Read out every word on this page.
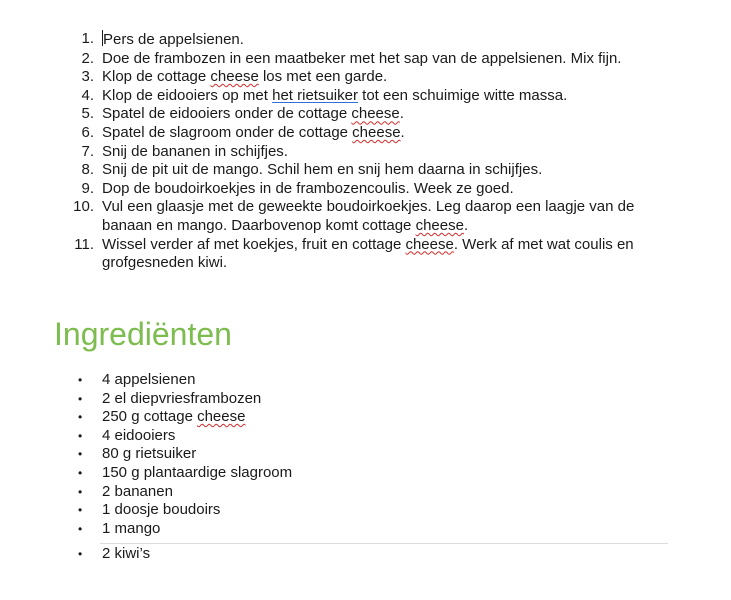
1. Pers de appelsienen.
2. Doe de frambozen in een maatbeker met het sap van de appelsienen. Mix fijn.
3. Klop de cottage cheese los met een garde.
4. Klop de eidooiers op met het rietsuiker tot een schuimige witte massa.
5. Spatel de eidooiers onder de cottage cheese.
6. Spatel de slagroom onder de cottage cheese.
7. Snij de bananen in schijfjes.
8. Snij de pit uit de mango. Schil hem en snij hem daarna in schijfjes.
9. Dop de boudoirkoekjes in de frambozencoulis. Week ze goed.
10. Vul een glaasje met de geweekte boudoirkoekjes. Leg daarop een laagje van de banaan en mango. Daarbovenop komt cottage cheese.
11. Wissel verder af met koekjes, fruit en cottage cheese. Werk af met wat coulis en grofgesneden kiwi.
Ingrediënten
• 4 appelsienen
• 2 el diepvriesframbozen
• 250 g cottage cheese
• 4 eidooiers
• 80 g rietsuiker
• 150 g plantaardige slagroom
• 2 bananen
• 1 doosje boudoirs
• 1 mango
• 2 kiwi’s
